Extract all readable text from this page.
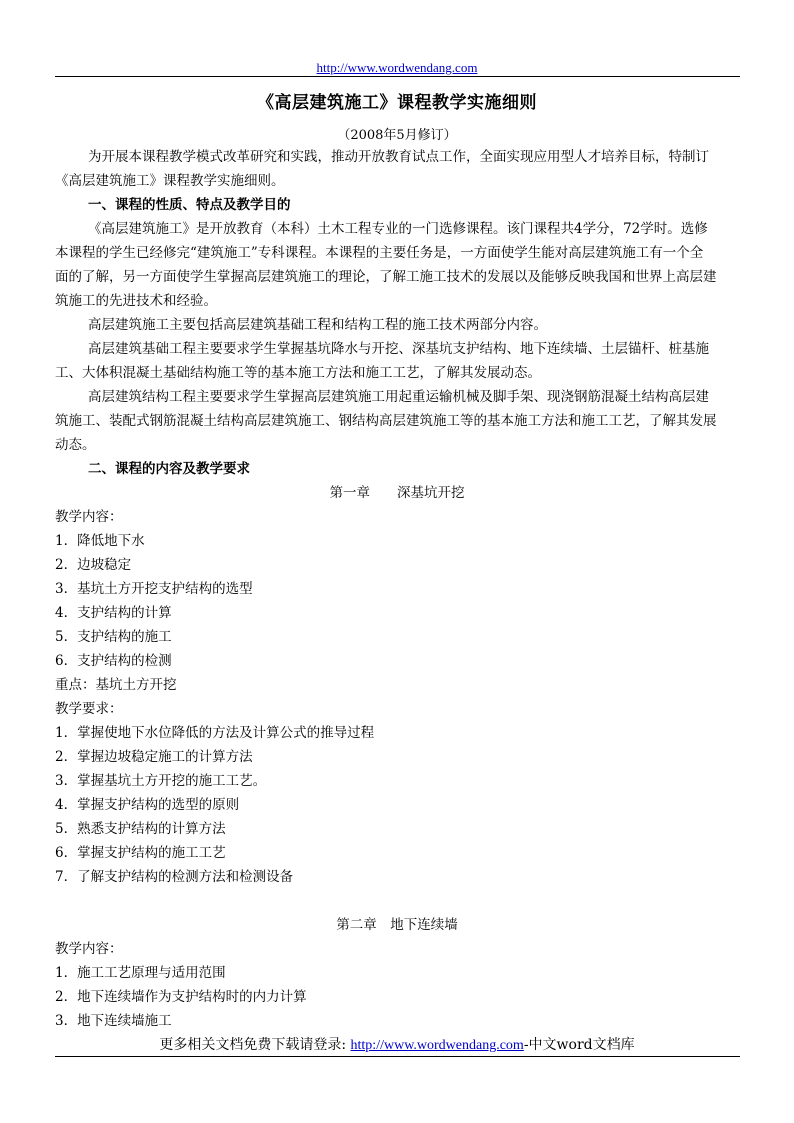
http://www.wordwendang.com
《高层建筑施工》课程教学实施细则
（2008年5月修订）
为开展本课程教学模式改革研究和实践，推动开放教育试点工作，全面实现应用型人才培养目标，特制订
《高层建筑施工》课程教学实施细则。
一、课程的性质、特点及教学目的
《高层建筑施工》是开放教育（本科）土木工程专业的一门选修课程。该门课程共4学分，72学时。选修
本课程的学生已经修完“建筑施工”专科课程。本课程的主要任务是，一方面使学生能对高层建筑施工有一个全
面的了解，另一方面使学生掌握高层建筑施工的理论，了解工施工技术的发展以及能够反映我国和世界上高层建
筑施工的先进技术和经验。
高层建筑施工主要包括高层建筑基础工程和结构工程的施工技术两部分内容。
高层建筑基础工程主要要求学生掌握基坑降水与开挖、深基坑支护结构、地下连续墙、土层锚杆、桩基施
工、大体积混凝土基础结构施工等的基本施工方法和施工工艺，了解其发展动态。
高层建筑结构工程主要要求学生掌握高层建筑施工用起重运输机械及脚手架、现浇钢筋混凝土结构高层建
筑施工、装配式钢筋混凝土结构高层建筑施工、钢结构高层建筑施工等的基本施工方法和施工工艺，了解其发展
动态。
二、课程的内容及教学要求
第一章　　深基坑开挖
教学内容：
1．降低地下水
2．边坡稳定
3．基坑土方开挖支护结构的选型
4．支护结构的计算
5．支护结构的施工
6．支护结构的检测
重点：基坑土方开挖
教学要求：
1．掌握使地下水位降低的方法及计算公式的推导过程
2．掌握边坡稳定施工的计算方法
3．掌握基坑土方开挖的施工工艺。
4．掌握支护结构的选型的原则
5．熟悉支护结构的计算方法
6．掌握支护结构的施工工艺
7．了解支护结构的检测方法和检测设备
第二章　地下连续墙
教学内容：
1．施工工艺原理与适用范围
2．地下连续墙作为支护结构时的内力计算
3．地下连续墙施工
更多相关文档免费下载请登录: http://www.wordwendang.com-中文word文档库
